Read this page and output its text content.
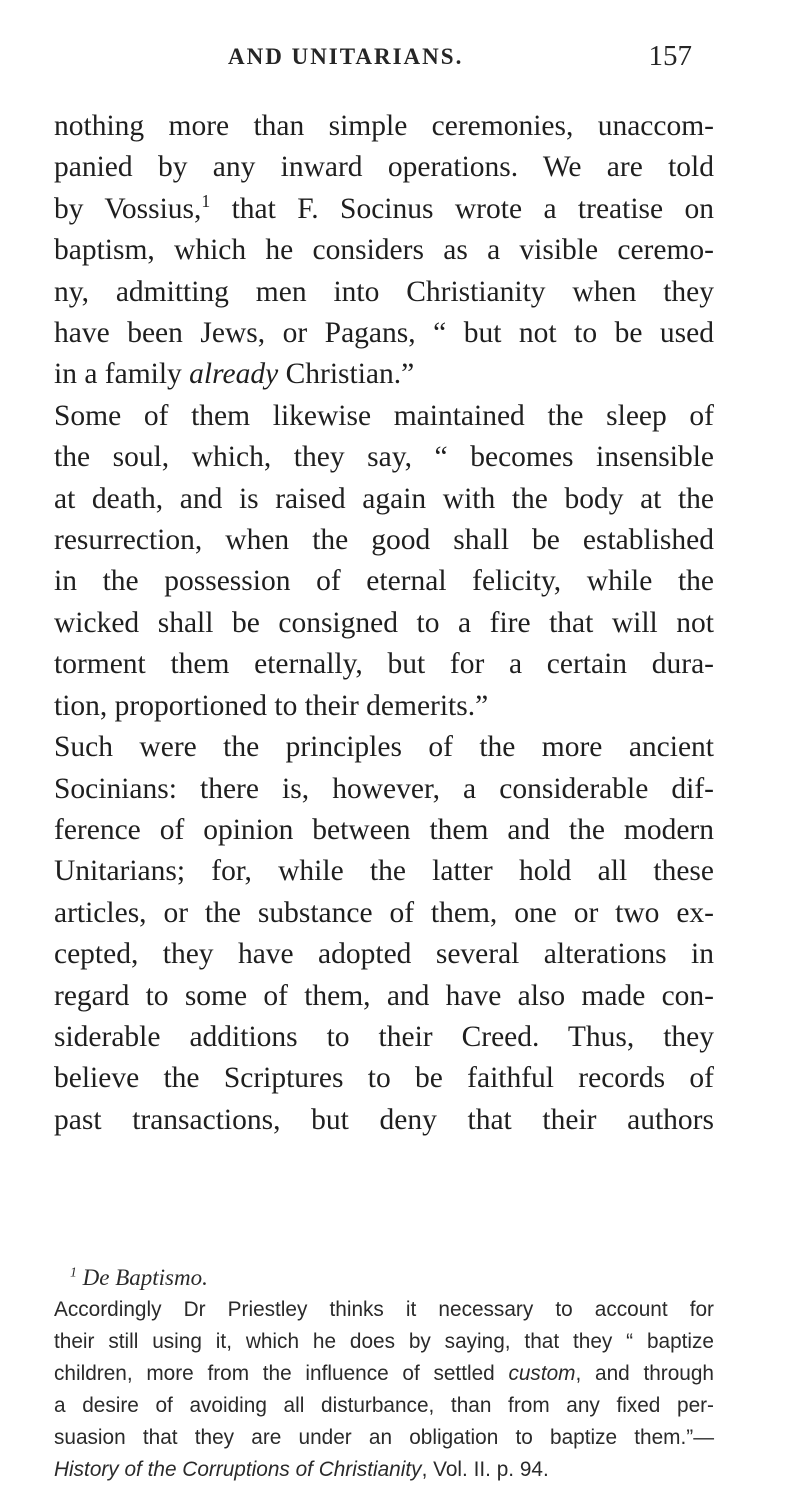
AND UNITARIANS.	157

nothing more than simple ceremonies, unaccom-

panied by any inward operations. We are told

by Vossius,$^1$ that F. Socinus wrote a treatise on

baptism, which he considers as a visible ceremo-

ny, admitting men into Christianity when they

have been Jews, or Pagans, “ but not to be used

in a family already Christian.”

Some of them likewise maintained the sleep of

the soul, which, they say, “ becomes insensible

at death, and is raised again with the body at the

resurrection, when the good shall be established

in the possession of eternal felicity, while the

wicked shall be consigned to a fire that will not

torment them eternally, but for a certain dura-

tion, proportioned to their demerits.”

Such were the principles of the more ancient

Socinians: there is, however, a considerable dif-

ference of opinion between them and the modern

Unitarians; for, while the latter hold all these

articles, or the substance of them, one or two ex-

cepted, they have adopted several alterations in

regard to some of them, and have also made con-

siderable additions to their Creed. Thus, they

believe the Scriptures to be faithful records of

past transactions, but deny that their authors

$^1$ De Baptismo.

Accordingly Dr Priestley thinks it necessary to account for

their still using it, which he does by saying, that they “ baptize

children, more from the influence of settled custom, and through

a desire of avoiding all disturbance, than from any fixed per-

suasion that they are under an obligation to baptize them.”—

History of the Corruptions of Christianity, Vol. II. p. 94.
